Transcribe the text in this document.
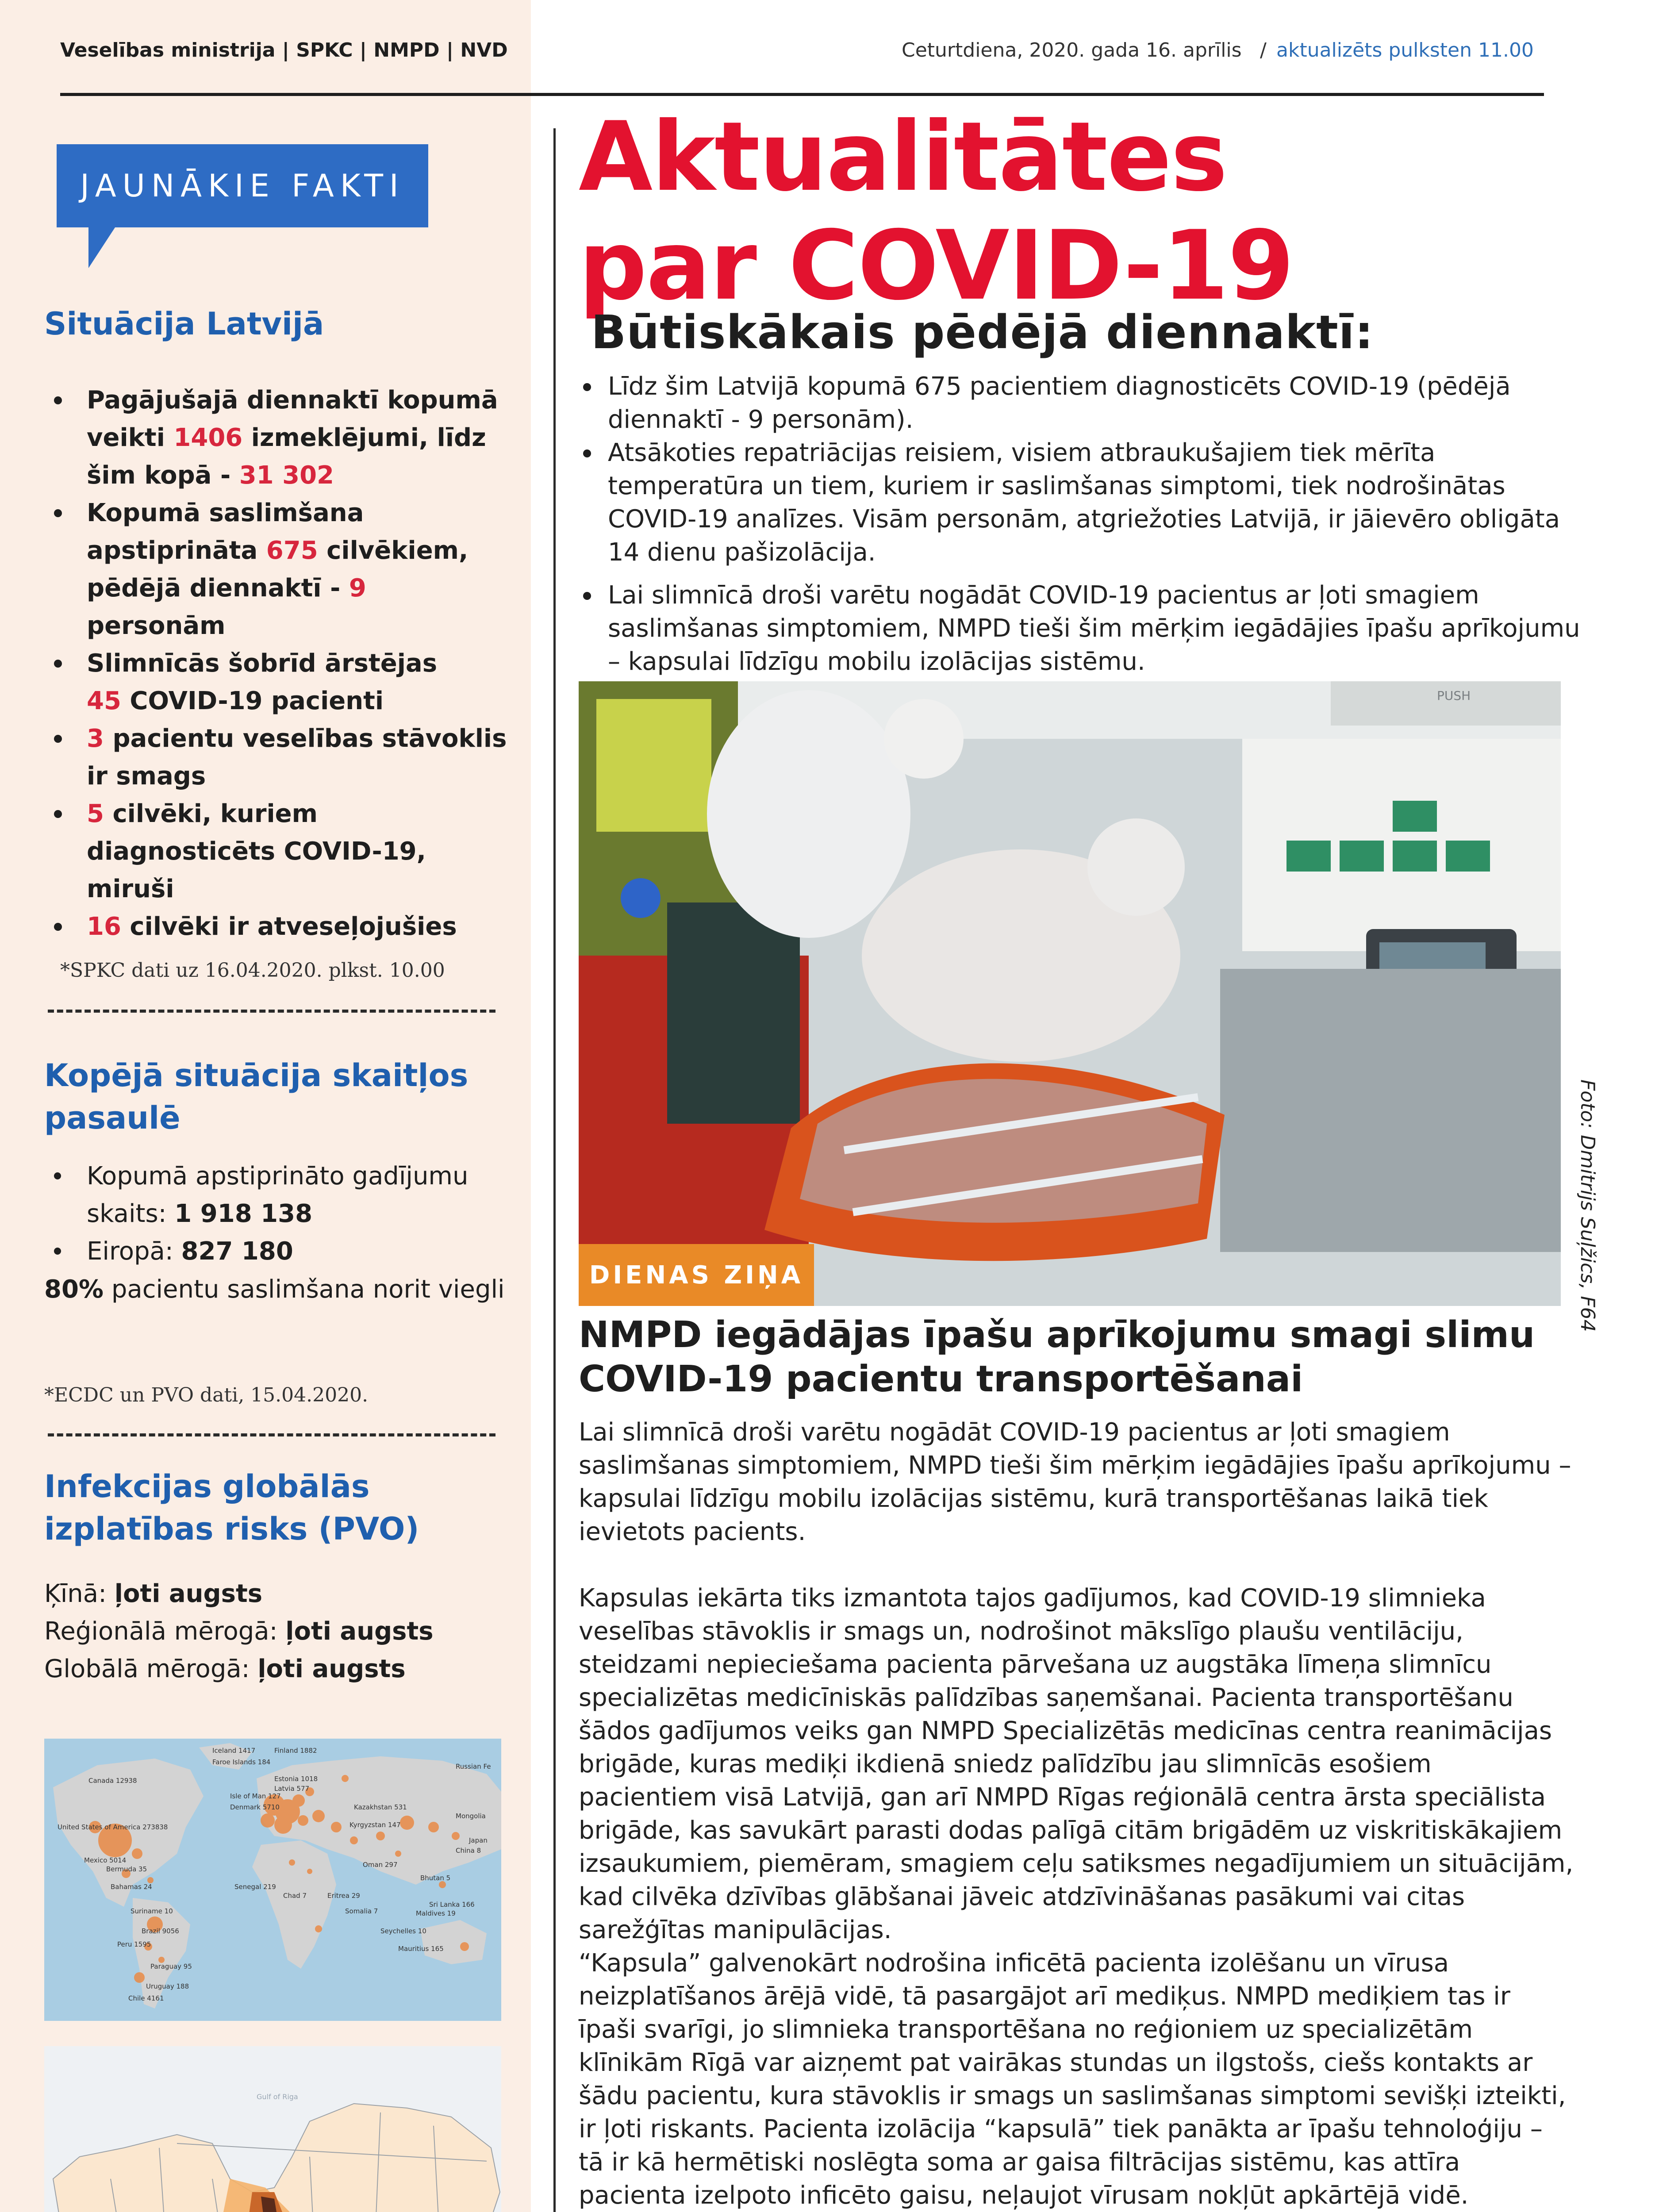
Veselības ministrija | SPKC | NMPD | NVD	Ceturtdiena, 2020. gada 16. aprīlis / aktualizēts pulksten 11.00
JAUNĀKIE FAKTI
Situācija Latvijā
Pagājušajā diennaktī kopumā veikti 1406 izmeklējumi, līdz šim kopā - 31 302
Kopumā saslimšana apstiprināta 675 cilvēkiem, pēdējā diennaktī - 9 personām
Slimnīcās šobrīd ārstējas
45 COVID-19 pacienti
3 pacientu veselības stāvoklis ir smags
5 cilvēki, kuriem diagnosticēts COVID-19, miruši
16 cilvēki ir atveseļojušies
*SPKC dati uz 16.04.2020. plkst. 10.00
Kopējā situācija skaitļos pasaulē
Kopumā apstiprināto gadījumu skaits: 1 918 138
Eiropā: 827 180
80% pacientu saslimšana norit viegli
*ECDC un PVO dati, 15.04.2020.
Infekcijas globālās izplatības risks (PVO)
Ķīnā: ļoti augsts
Reģionālā mērogā: ļoti augsts
Globālā mērogā: ļoti augsts
Iceland 1417	Finland 1882
Faroe Islands 184
Russian Fe
Canada 12938	Estonia 1018
Latvia 577
Isle of Man 127
Denmark 5710	Kazakhstan 531
Mongolia
United States of America 273838	Kyrgyzstan 147
Mexico 5014
Japan
Bermuda 35
China 8
Bahamas 24
Oman 297
Bhutan 5
Senegal 219
Chad 7	Eritrea 29
Sri Lanka 166
Suriname 10	Somalia 7	Maldives 19
Brazil 9056	Seychelles 10
Peru 1595
Paraguay 95
Mauritius 165
Uruguay 188
Chile 4161
Gulf of Riga
Aktualitātes par COVID-19
Būtiskākais pēdējā diennaktī:
Līdz šim Latvijā kopumā 675 pacientiem diagnosticēts COVID-19 (pēdējā diennaktī - 9 personām).
Atsākoties repatriācijas reisiem, visiem atbraukušajiem tiek mērīta temperatūra un tiem, kuriem ir saslimšanas simptomi, tiek nodrošinātas COVID-19 analīzes. Visām personām, atgriežoties Latvijā, ir jāievēro obligāta 14 dienu pašizolācija.
Lai slimnīcā droši varētu nogādāt COVID-19 pacientus ar ļoti smagiem saslimšanas simptomiem, NMPD tieši šim mērķim iegādājies īpašu aprīkojumu – kapsulai līdzīgu mobilu izolācijas sistēmu.
PUSH
DIENAS ZIŅA	Foto: Dmitrijs Suļžics, F64
NMPD iegādājas īpašu aprīkojumu smagi slimu COVID-19 pacientu transportēšanai

Lai slimnīcā droši varētu nogādāt COVID-19 pacientus ar ļoti smagiem saslimšanas simptomiem, NMPD tieši šim mērķim iegādājies īpašu aprīkojumu – kapsulai līdzīgu mobilu izolācijas sistēmu, kurā transportēšanas laikā tiek ievietots pacients.

Kapsulas iekārta tiks izmantota tajos gadījumos, kad COVID-19 slimnieka veselības stāvoklis ir smags un, nodrošinot mākslīgo plaušu ventilāciju, steidzami nepieciešama pacienta pārvešana uz augstāka līmeņa slimnīcu specializētas medicīniskās palīdzības saņemšanai. Pacienta transportēšanu šādos gadījumos veiks gan NMPD Specializētās medicīnas centra reanimācijas brigāde, kuras mediķi ikdienā sniedz palīdzību jau slimnīcās esošiem pacientiem visā Latvijā, gan arī NMPD Rīgas reģionālā centra ārsta speciālista brigāde, kas savukārt parasti dodas palīgā citām brigādēm uz viskritiskākajiem izsaukumiem, piemēram, smagiem ceļu satiksmes negadījumiem un situācijām, kad cilvēka dzīvības glābšanai jāveic atdzīvināšanas pasākumi vai citas sarežģītas manipulācijas.

“Kapsula” galvenokārt nodrošina inficētā pacienta izolēšanu un vīrusa neizplatīšanos ārējā vidē, tā pasargājot arī mediķus. NMPD mediķiem tas ir īpaši svarīgi, jo slimnieka transportēšana no reģioniem uz specializētām klīnikām Rīgā var aizņemt pat vairākas stundas un ilgstošs, ciešs kontakts ar šādu pacientu, kura stāvoklis ir smags un saslimšanas simptomi sevišķi izteikti, ir ļoti riskants. Pacienta izolācija “kapsulā” tiek panākta ar īpašu tehnoloģiju – tā ir kā hermētiski noslēgta soma ar gaisa filtrācijas sistēmu, kas attīra pacienta izelpoto inficēto gaisu, neļaujot vīrusam nokļūt apkārtējā vidē.
